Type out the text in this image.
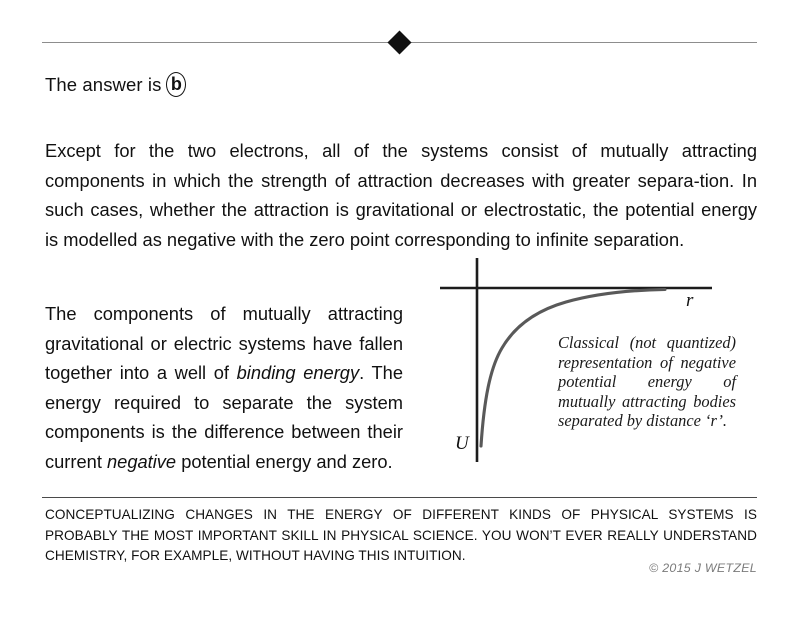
The answer is b

Except for the two electrons, all of the systems consist of mutually attracting components in which the strength of attraction decreases with greater separa-tion. In such cases, whether the attraction is gravitational or electrostatic, the potential energy is modelled as negative with the zero point corresponding to infinite separation.

The components of mutually attracting gravitational or electric systems have fallen together into a well of binding energy. The energy required to separate the system components is the difference between their current negative potential energy and zero.

r
U
Classical (not quantized) representation of negative potential energy of mutually attracting bodies separated by distance ‘r’.
CONCEPTUALIZING CHANGES IN THE ENERGY OF DIFFERENT KINDS OF PHYSICAL SYSTEMS IS PROBABLY THE MOST IMPORTANT SKILL IN PHYSICAL SCIENCE. YOU WON’T EVER REALLY UNDERSTAND CHEMISTRY, FOR EXAMPLE, WITHOUT HAVING THIS INTUITION.
© 2015 J WETZEL
